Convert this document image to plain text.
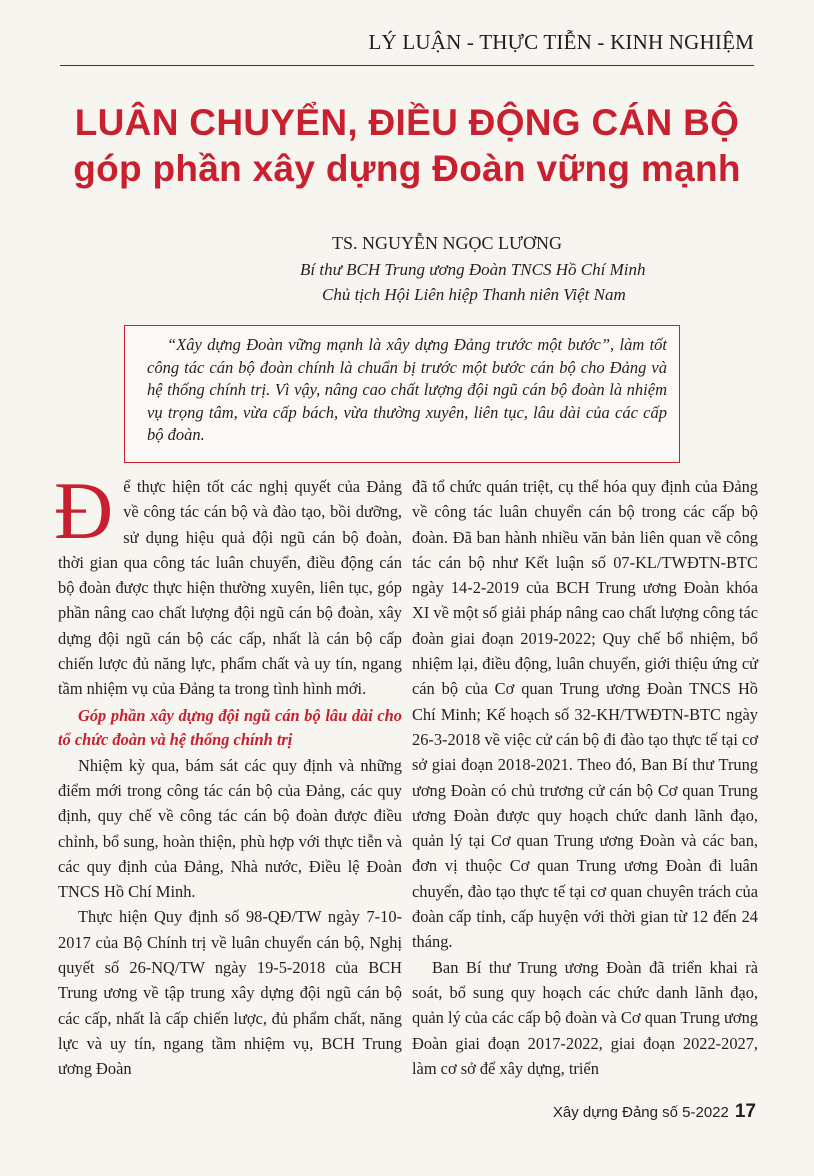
LÝ LUẬN - THỰC TIỄN - KINH NGHIỆM
LUÂN CHUYỂN, ĐIỀU ĐỘNG CÁN BỘ
góp phần xây dựng Đoàn vững mạnh
TS. NGUYỄN NGỌC LƯƠNG
Bí thư BCH Trung ương Đoàn TNCS Hồ Chí Minh
Chủ tịch Hội Liên hiệp Thanh niên Việt Nam
“Xây dựng Đoàn vững mạnh là xây dựng Đảng trước một bước”, làm tốt công tác cán bộ đoàn chính là chuẩn bị trước một bước cán bộ cho Đảng và hệ thống chính trị. Vì vậy, nâng cao chất lượng đội ngũ cán bộ đoàn là nhiệm vụ trọng tâm, vừa cấp bách, vừa thường xuyên, liên tục, lâu dài của các cấp bộ đoàn.

Để thực hiện tốt các nghị quyết của Đảng về công tác cán bộ và đào tạo, bồi dưỡng, sử dụng hiệu quả đội ngũ cán bộ đoàn, thời gian qua công tác luân chuyển, điều động cán bộ đoàn được thực hiện thường xuyên, liên tục, góp phần nâng cao chất lượng đội ngũ cán bộ đoàn, xây dựng đội ngũ cán bộ các cấp, nhất là cán bộ cấp chiến lược đủ năng lực, phẩm chất và uy tín, ngang tầm nhiệm vụ của Đảng ta trong tình hình mới.

Góp phần xây dựng đội ngũ cán bộ lâu dài cho tổ chức đoàn và hệ thống chính trị

Nhiệm kỳ qua, bám sát các quy định và những điểm mới trong công tác cán bộ của Đảng, các quy định, quy chế về công tác cán bộ đoàn được điều chỉnh, bổ sung, hoàn thiện, phù hợp với thực tiễn và các quy định của Đảng, Nhà nước, Điều lệ Đoàn TNCS Hồ Chí Minh.

Thực hiện Quy định số 98-QĐ/TW ngày 7-10-2017 của Bộ Chính trị về luân chuyển cán bộ, Nghị quyết số 26-NQ/TW ngày 19-5-2018 của BCH Trung ương về tập trung xây dựng đội ngũ cán bộ các cấp, nhất là cấp chiến lược, đủ phẩm chất, năng lực và uy tín, ngang tầm nhiệm vụ, BCH Trung ương Đoàn

đã tổ chức quán triệt, cụ thể hóa quy định của Đảng về công tác luân chuyển cán bộ trong các cấp bộ đoàn. Đã ban hành nhiều văn bản liên quan về công tác cán bộ như Kết luận số 07-KL/TWĐTN-BTC ngày 14-2-2019 của BCH Trung ương Đoàn khóa XI về một số giải pháp nâng cao chất lượng công tác đoàn giai đoạn 2019-2022; Quy chế bổ nhiệm, bổ nhiệm lại, điều động, luân chuyển, giới thiệu ứng cử cán bộ của Cơ quan Trung ương Đoàn TNCS Hồ Chí Minh; Kế hoạch số 32-KH/TWĐTN-BTC ngày 26-3-2018 về việc cử cán bộ đi đào tạo thực tế tại cơ sở giai đoạn 2018-2021. Theo đó, Ban Bí thư Trung ương Đoàn có chủ trương cử cán bộ Cơ quan Trung ương Đoàn được quy hoạch chức danh lãnh đạo, quản lý tại Cơ quan Trung ương Đoàn và các ban, đơn vị thuộc Cơ quan Trung ương Đoàn đi luân chuyển, đào tạo thực tế tại cơ quan chuyên trách của đoàn cấp tỉnh, cấp huyện với thời gian từ 12 đến 24 tháng.

Ban Bí thư Trung ương Đoàn đã triển khai rà soát, bổ sung quy hoạch các chức danh lãnh đạo, quản lý của các cấp bộ đoàn và Cơ quan Trung ương Đoàn giai đoạn 2017-2022, giai đoạn 2022-2027, làm cơ sở để xây dựng, triển

Xây dựng Đảng số 5-2022 17
